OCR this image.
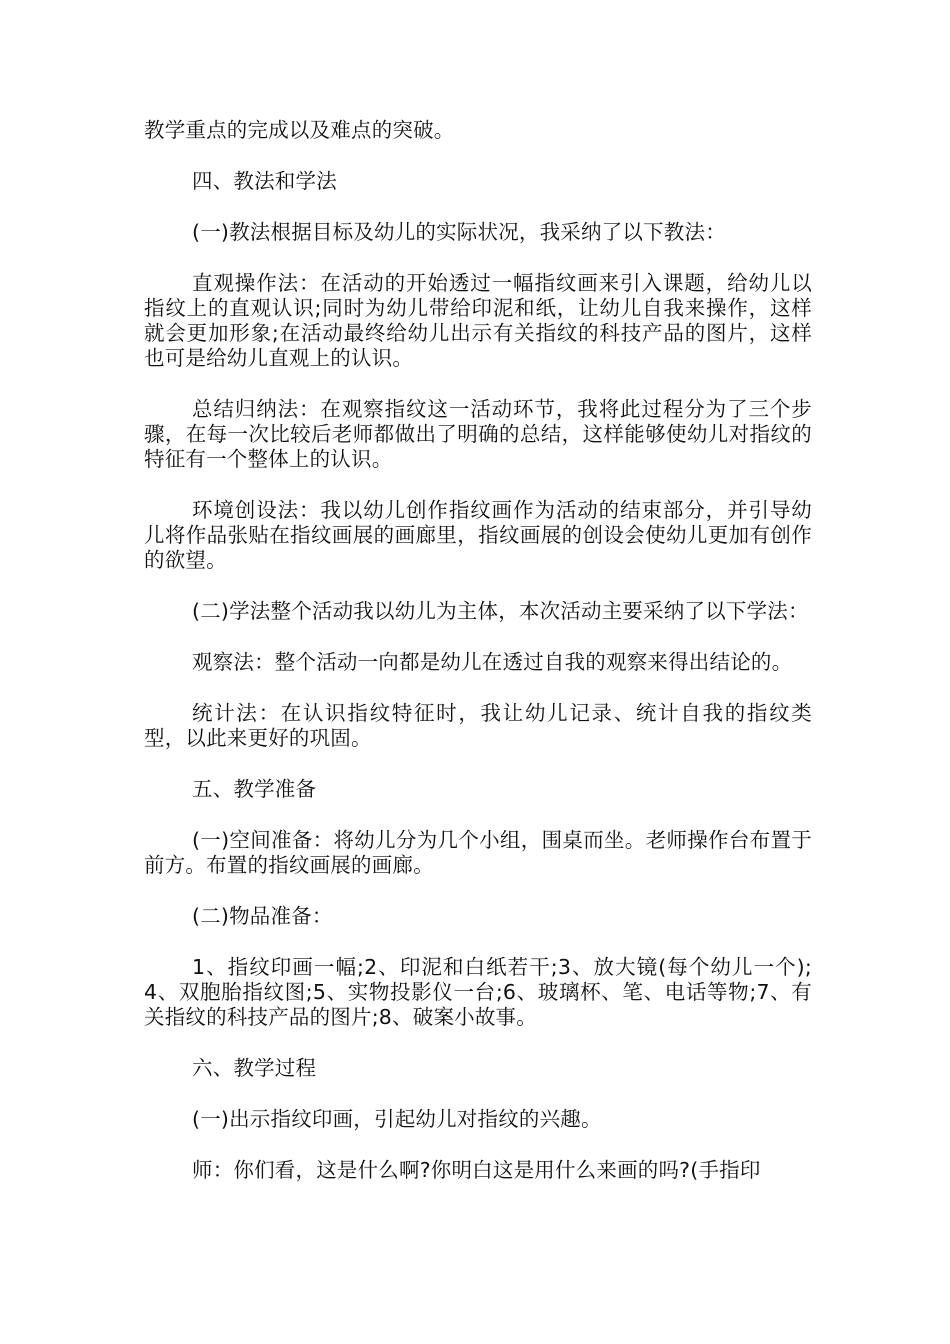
教学重点的完成以及难点的突破。

四、教法和学法

(一)教法根据目标及幼儿的实际状况，我采纳了以下教法：

直观操作法：在活动的开始透过一幅指纹画来引入课题，给幼儿以指纹上的直观认识;同时为幼儿带给印泥和纸，让幼儿自我来操作，这样就会更加形象;在活动最终给幼儿出示有关指纹的科技产品的图片，这样也可是给幼儿直观上的认识。

总结归纳法：在观察指纹这一活动环节，我将此过程分为了三个步骤，在每一次比较后老师都做出了明确的总结，这样能够使幼儿对指纹的特征有一个整体上的认识。

环境创设法：我以幼儿创作指纹画作为活动的结束部分，并引导幼儿将作品张贴在指纹画展的画廊里，指纹画展的创设会使幼儿更加有创作的欲望。

(二)学法整个活动我以幼儿为主体，本次活动主要采纳了以下学法：

观察法：整个活动一向都是幼儿在透过自我的观察来得出结论的。

统计法：在认识指纹特征时，我让幼儿记录、统计自我的指纹类型，以此来更好的巩固。

五、教学准备

(一)空间准备：将幼儿分为几个小组，围桌而坐。老师操作台布置于前方。布置的指纹画展的画廊。

(二)物品准备：

1、指纹印画一幅;2、印泥和白纸若干;3、放大镜(每个幼儿一个);4、双胞胎指纹图;5、实物投影仪一台;6、玻璃杯、笔、电话等物;7、有关指纹的科技产品的图片;8、破案小故事。

六、教学过程

(一)出示指纹印画，引起幼儿对指纹的兴趣。

师：你们看，这是什么啊?你明白这是用什么来画的吗?(手指印
